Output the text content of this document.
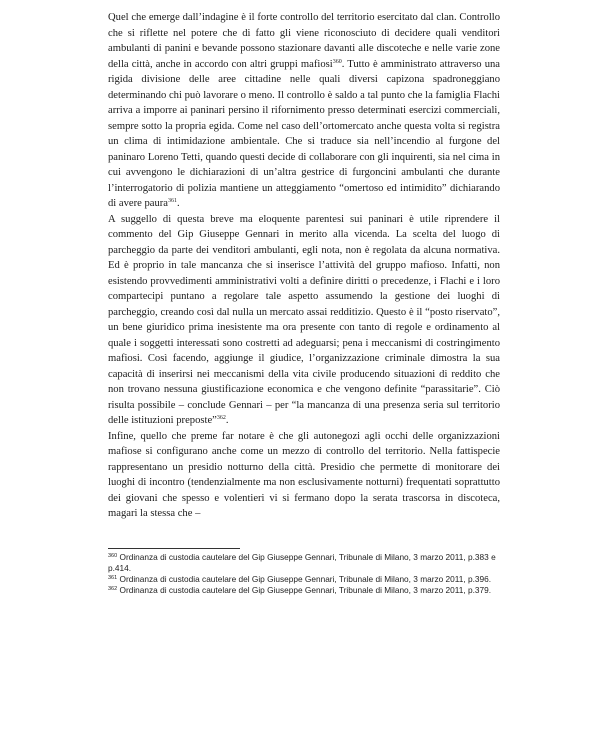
Quel che emerge dall’indagine è il forte controllo del territorio esercitato dal clan. Controllo che si riflette nel potere che di fatto gli viene riconosciuto di decidere quali venditori ambulanti di panini e bevande possono stazionare davanti alle discoteche e nelle varie zone della città, anche in accordo con altri gruppi mafiosi$^{360}$. Tutto è amministrato attraverso una rigida divisione delle aree cittadine nelle quali diversi capizona spadroneggiano determinando chi può lavorare o meno. Il controllo è saldo a tal punto che la famiglia Flachi arriva a imporre ai paninari persino il rifornimento presso determinati esercizi commerciali, sempre sotto la propria egida. Come nel caso dell’ortomercato anche questa volta si registra un clima di intimidazione ambientale. Che si traduce sia nell’incendio al furgone del paninaro Loreno Tetti, quando questi decide di collaborare con gli inquirenti, sia nel cima in cui avvengono le dichiarazioni di un’altra gestrice di furgoncini ambulanti che durante l’interrogatorio di polizia mantiene un atteggiamento “omertoso ed intimidito” dichiarando di avere paura$^{361}$.

A suggello di questa breve ma eloquente parentesi sui paninari è utile riprendere il commento del Gip Giuseppe Gennari in merito alla vicenda. La scelta del luogo di parcheggio da parte dei venditori ambulanti, egli nota, non è regolata da alcuna normativa. Ed è proprio in tale mancanza che si inserisce l’attività del gruppo mafioso. Infatti, non esistendo provvedimenti amministrativi volti a definire diritti o precedenze, i Flachi e i loro compartecipi puntano a regolare tale aspetto assumendo la gestione dei luoghi di parcheggio, creando così dal nulla un mercato assai redditizio. Questo è il “posto riservato”, un bene giuridico prima inesistente ma ora presente con tanto di regole e ordinamento al quale i soggetti interessati sono costretti ad adeguarsi; pena i meccanismi di costringimento mafiosi. Così facendo, aggiunge il giudice, l’organizzazione criminale dimostra la sua capacità di inserirsi nei meccanismi della vita civile producendo situazioni di reddito che non trovano nessuna giustificazione economica e che vengono definite “parassitarie”. Ciò risulta possibile – conclude Gennari – per “la mancanza di una presenza seria sul territorio delle istituzioni preposte”$^{362}$.

Infine, quello che preme far notare è che gli autonegozi agli occhi delle organizzazioni mafiose si configurano anche come un mezzo di controllo del territorio. Nella fattispecie rappresentano un presidio notturno della città. Presidio che permette di monitorare dei luoghi di incontro (tendenzialmente ma non esclusivamente notturni) frequentati soprattutto dei giovani che spesso e volentieri vi si fermano dopo la serata trascorsa in discoteca, magari la stessa che –

$^{360}$ Ordinanza di custodia cautelare del Gip Giuseppe Gennari, Tribunale di Milano, 3 marzo 2011, p.383 e p.414.

$^{361}$ Ordinanza di custodia cautelare del Gip Giuseppe Gennari, Tribunale di Milano, 3 marzo 2011, p.396.

$^{362}$ Ordinanza di custodia cautelare del Gip Giuseppe Gennari, Tribunale di Milano, 3 marzo 2011, p.379.
